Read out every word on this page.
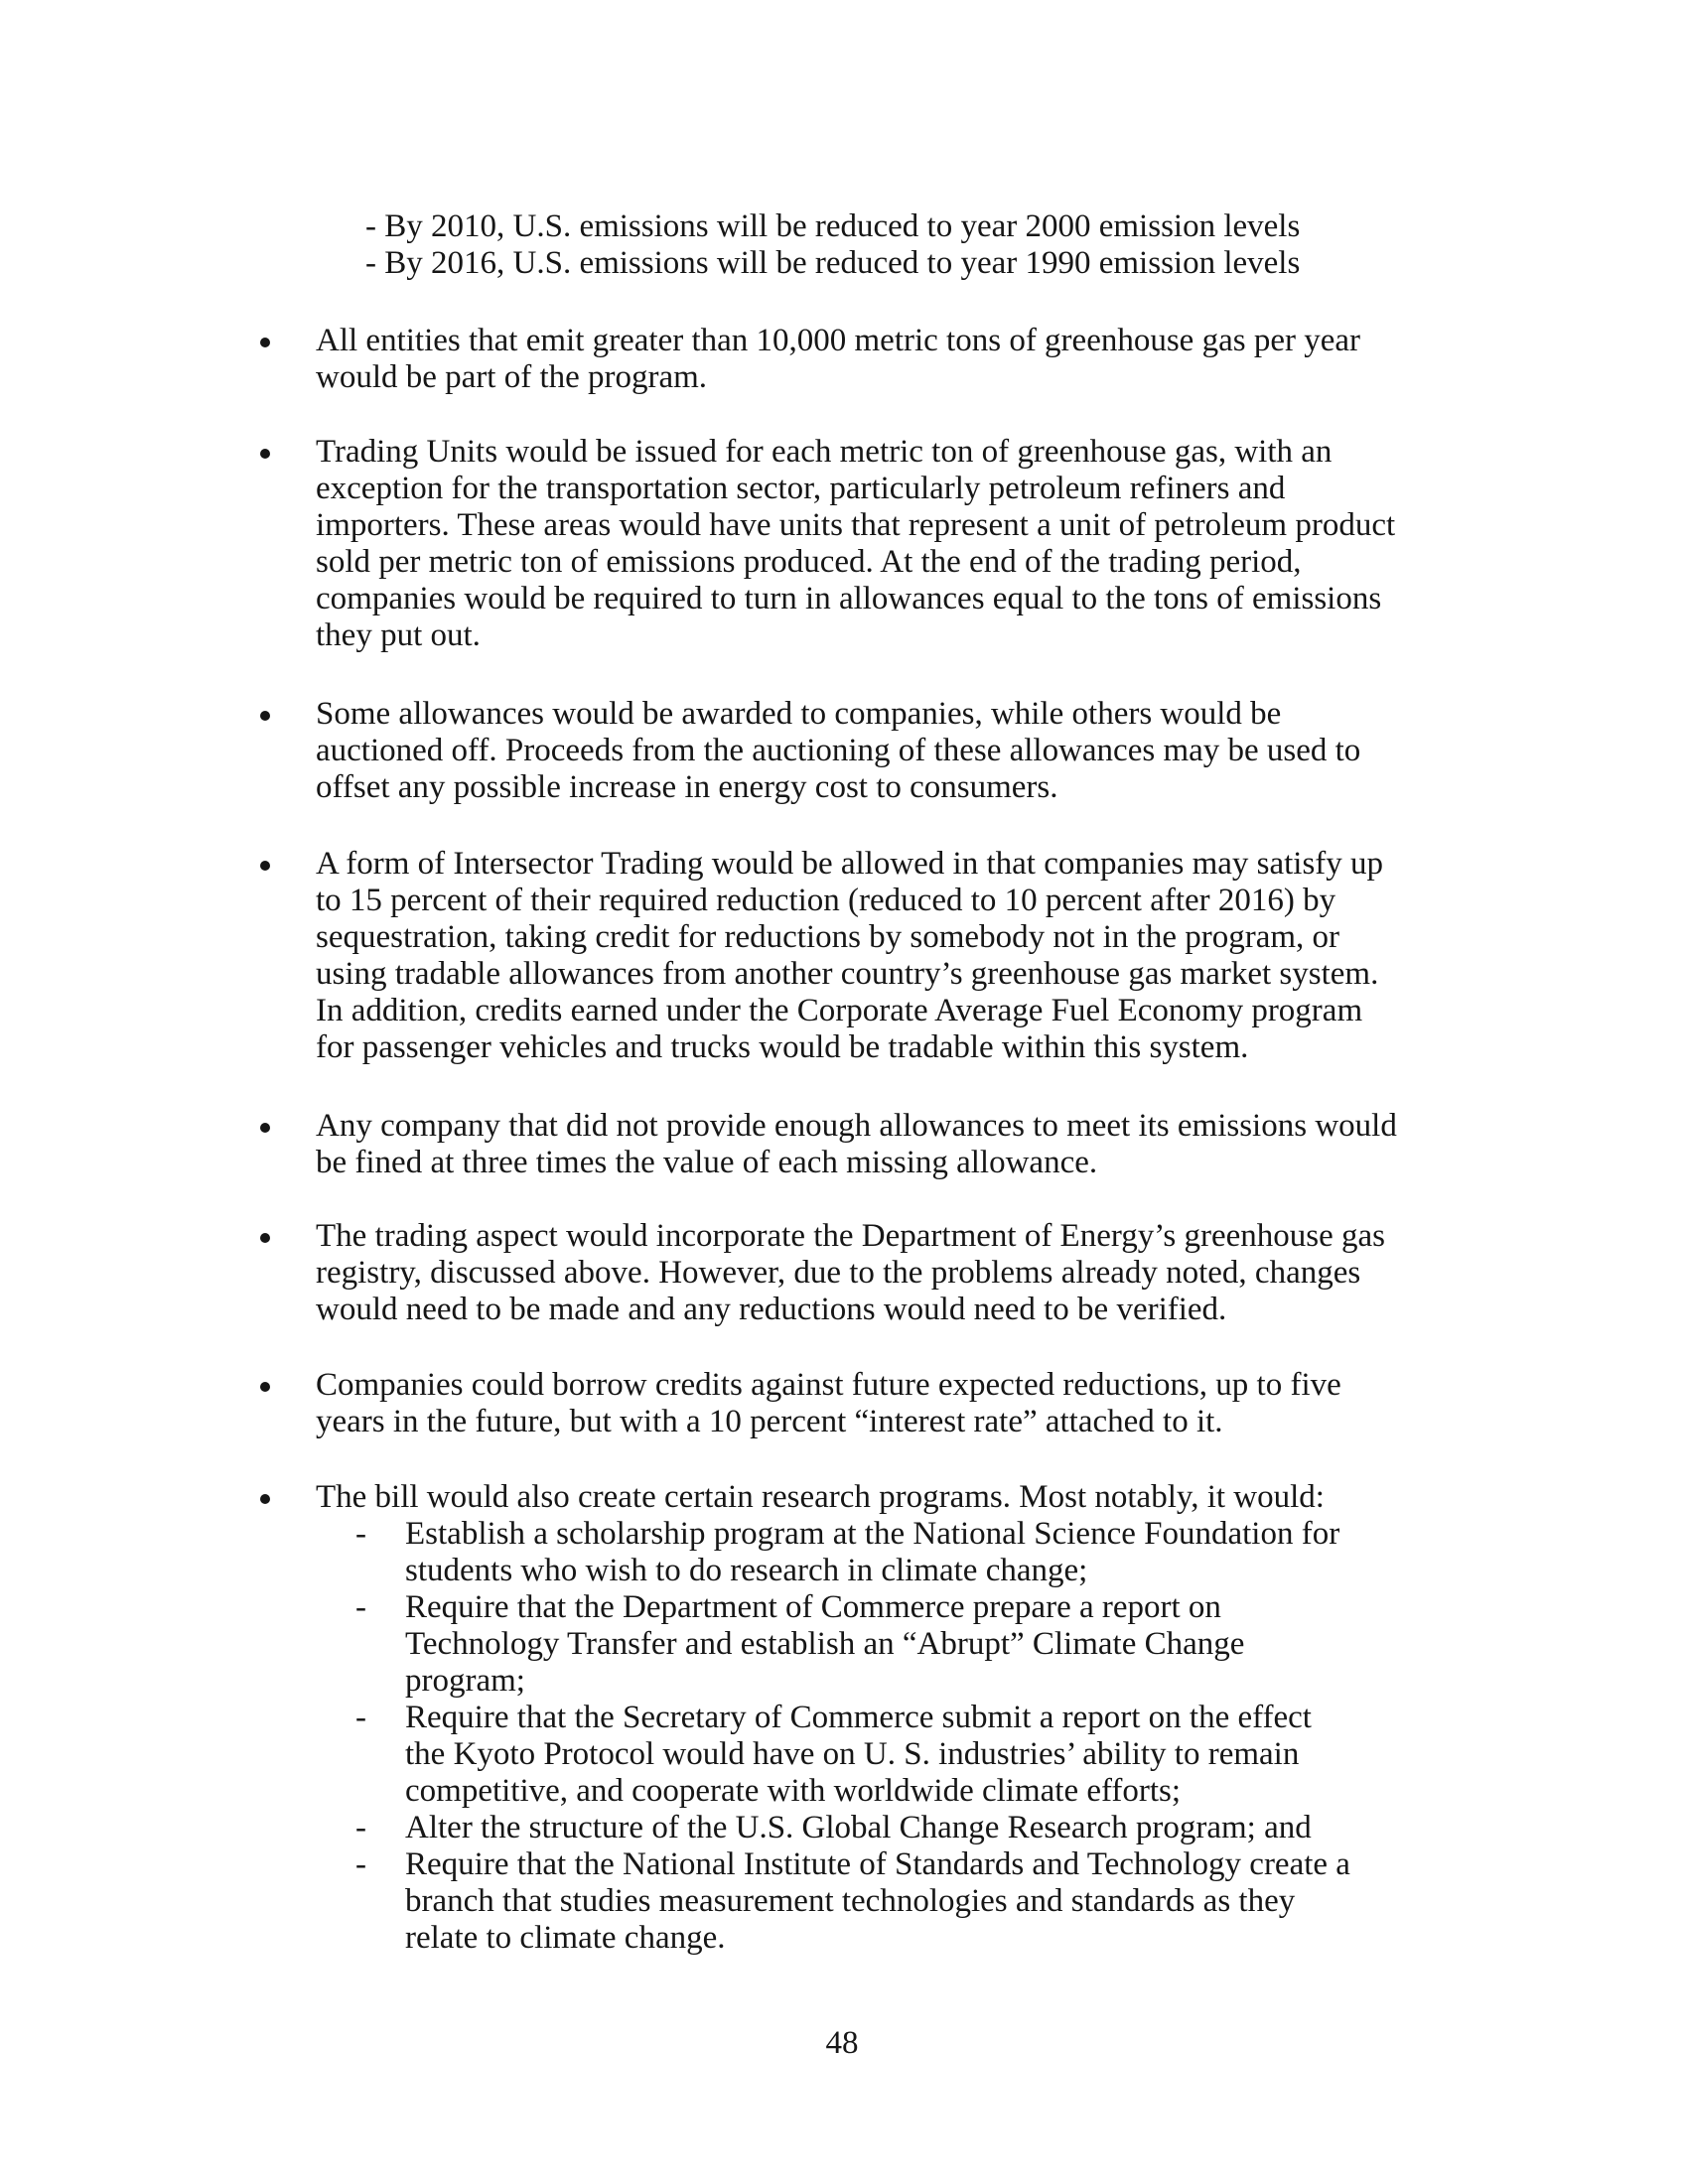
- By 2010, U.S. emissions will be reduced to year 2000 emission levels
- By 2016, U.S. emissions will be reduced to year 1990 emission levels
All entities that emit greater than 10,000 metric tons of greenhouse gas per year would be part of the program.
Trading Units would be issued for each metric ton of greenhouse gas, with an exception for the transportation sector, particularly petroleum refiners and importers. These areas would have units that represent a unit of petroleum product sold per metric ton of emissions produced. At the end of the trading period, companies would be required to turn in allowances equal to the tons of emissions they put out.
Some allowances would be awarded to companies, while others would be auctioned off. Proceeds from the auctioning of these allowances may be used to offset any possible increase in energy cost to consumers.
A form of Intersector Trading would be allowed in that companies may satisfy up to 15 percent of their required reduction (reduced to 10 percent after 2016) by sequestration, taking credit for reductions by somebody not in the program, or using tradable allowances from another country’s greenhouse gas market system. In addition, credits earned under the Corporate Average Fuel Economy program for passenger vehicles and trucks would be tradable within this system.
Any company that did not provide enough allowances to meet its emissions would be fined at three times the value of each missing allowance.
The trading aspect would incorporate the Department of Energy’s greenhouse gas registry, discussed above. However, due to the problems already noted, changes would need to be made and any reductions would need to be verified.
Companies could borrow credits against future expected reductions, up to five years in the future, but with a 10 percent “interest rate” attached to it.
The bill would also create certain research programs. Most notably, it would:
- Establish a scholarship program at the National Science Foundation for students who wish to do research in climate change;
- Require that the Department of Commerce prepare a report on Technology Transfer and establish an “Abrupt” Climate Change program;
- Require that the Secretary of Commerce submit a report on the effect the Kyoto Protocol would have on U. S. industries’ ability to remain competitive, and cooperate with worldwide climate efforts;
- Alter the structure of the U.S. Global Change Research program; and
- Require that the National Institute of Standards and Technology create a branch that studies measurement technologies and standards as they relate to climate change.
48
